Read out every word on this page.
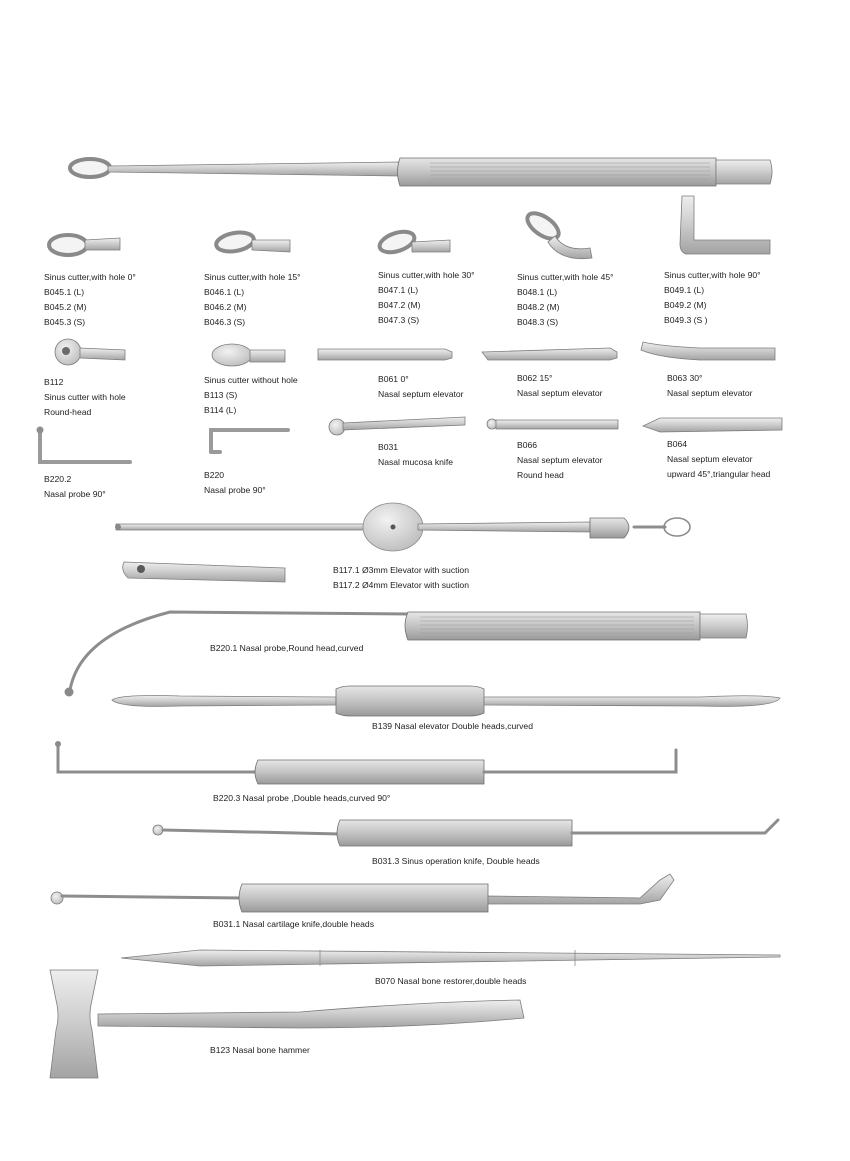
Sinus cutter,with hole 0°
B045.1 (L)
B045.2 (M)
B045.3 (S)
Sinus cutter,with hole 15°
B046.1 (L)
B046.2 (M)
B046.3 (S)
Sinus cutter,with hole 30°
B047.1 (L)
B047.2 (M)
B047.3 (S)
Sinus cutter,with hole 45°
B048.1 (L)
B048.2 (M)
B048.3 (S)
Sinus cutter,with hole 90°
B049.1 (L)
B049.2 (M)
B049.3 (S )
B112
Sinus cutter with hole
Round-head
Sinus cutter without hole
B113 (S)
B114 (L)
B061 0°
Nasal septum elevator
B062 15°
Nasal septum elevator
B063 30°
Nasal septum elevator
B220.2
Nasal probe 90°
B220
Nasal probe 90°
B031
Nasal mucosa knife
B066
Nasal septum elevator
Round head
B064
Nasal septum elevator
upward 45°,triangular head
B117.1 Ø3mm Elevator with suction
B117.2 Ø4mm Elevator with suction
B220.1 Nasal probe,Round head,curved
B139 Nasal elevator Double heads,curved
B220.3 Nasal probe ,Double heads,curved 90°
B031.3 Sinus operation knife, Double heads
B031.1 Nasal cartilage knife,double heads
B070 Nasal bone restorer,double heads
B123 Nasal bone hammer
